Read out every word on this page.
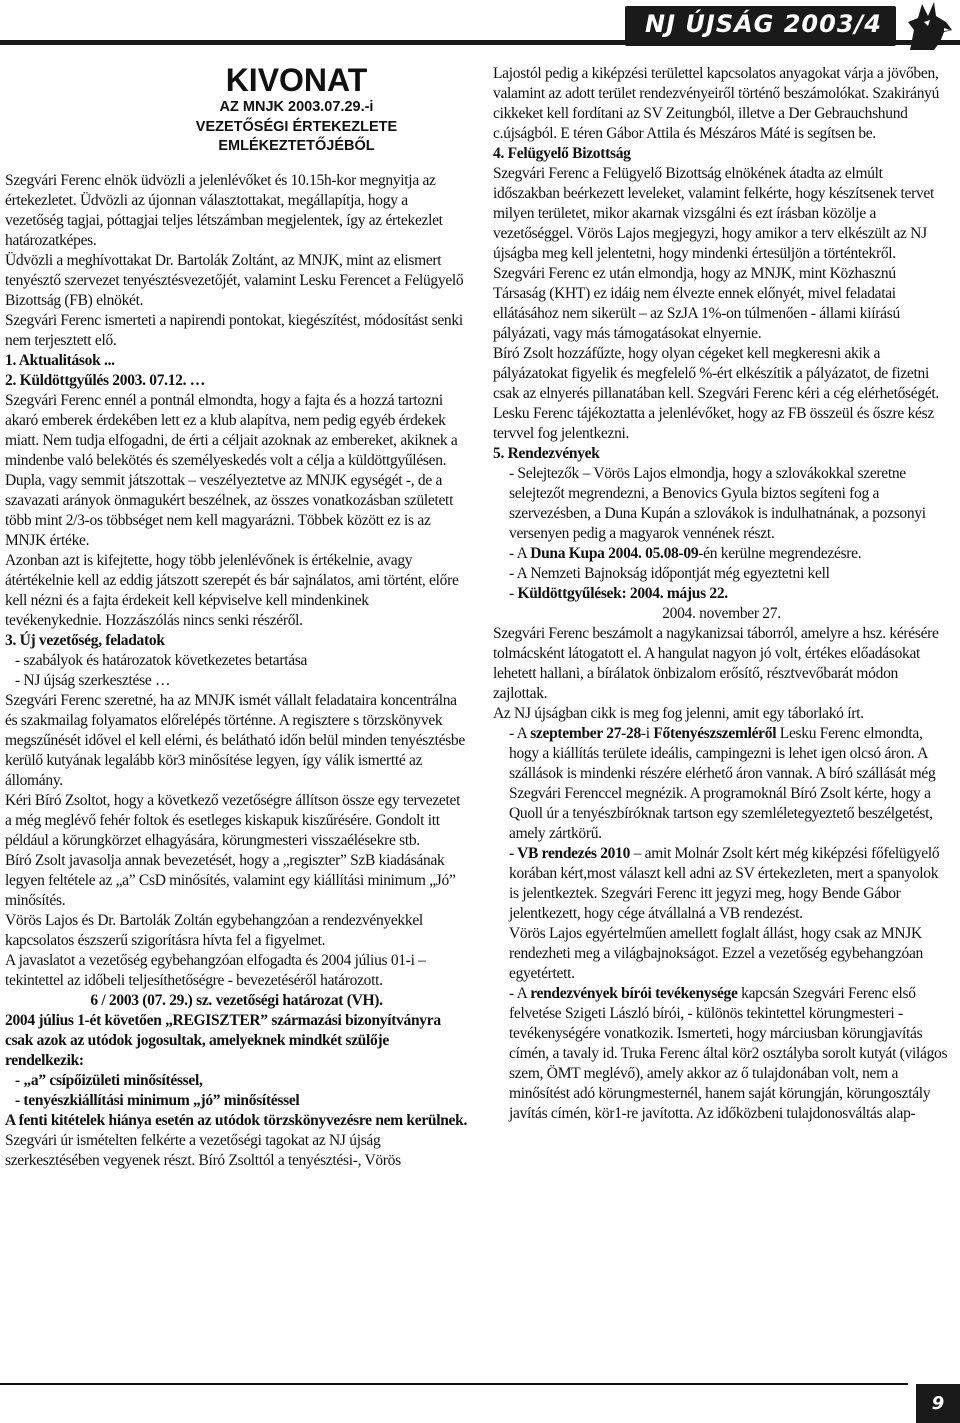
NJ ÚJSÁG 2003/4

KIVONAT

AZ MNJK 2003.07.29.-i

VEZETŐSÉGI ÉRTEKEZLETE

EMLÉKEZTETŐJÉBŐL

Szegvári Ferenc elnök üdvözli a jelenlévőket és 10.15h-kor megnyitja az értekezletet. Üdvözli az újonnan választottakat, megállapítja, hogy a vezetőség tagjai, póttagjai teljes létszámban megjelentek, így az értekezlet határozatképes.

Üdvözli a meghívottakat Dr. Bartolák Zoltánt, az MNJK, mint az elismert tenyésztő szervezet tenyésztésvezetőjét, valamint Lesku Ferencet a Felügyelő Bizottság (FB) elnökét.

Szegvári Ferenc ismerteti a napirendi pontokat, kiegészítést, módosítást senki nem terjesztett elő.

1. Aktualitások ...

2. Küldöttgyűlés 2003. 07.12. …

Szegvári Ferenc ennél a pontnál elmondta, hogy a fajta és a hozzá tartozni akaró emberek érdekében lett ez a klub alapítva, nem pedig egyéb érdekek miatt. Nem tudja elfogadni, de érti a céljait azoknak az embereket, akiknek a mindenbe való belekötés és személyeskedés volt a célja a küldöttgyűlésen. Dupla, vagy semmit játszottak – veszélyeztetve az MNJK egységét -, de a szavazati arányok önmagukért beszélnek, az összes vonatkozásban született több mint 2/3-os többséget nem kell magyarázni. Többek között ez is az MNJK értéke.

Azonban azt is kifejtette, hogy több jelenlévőnek is értékelnie, avagy átértékelnie kell az eddig játszott szerepét és bár sajnálatos, ami történt, előre kell nézni és a fajta érdekeit kell képviselve kell mindenkinek tevékenykednie. Hozzászólás nincs senki részéről.

3. Új vezetőség, feladatok

- szabályok és határozatok következetes betartása

- NJ újság szerkesztése …

Szegvári Ferenc szeretné, ha az MNJK ismét vállalt feladataira koncentrálna és szakmailag folyamatos előrelépés történne. A regisztere s törzskönyvek megszűnését idővel el kell elérni, és belátható időn belül minden tenyésztésbe kerülő kutyának legalább kör3 minősítése legyen, így válik ismertté az állomány.

Kéri Bíró Zsoltot, hogy a következő vezetőségre állítson össze egy tervezetet a még meglévő fehér foltok és esetleges kiskapuk kiszűrésére. Gondolt itt például a körungkörzet elhagyására, körungmesteri visszaélésekre stb.

Bíró Zsolt javasolja annak bevezetését, hogy a „regiszter” SzB kiadásának legyen feltétele az „a” CsD minősítés, valamint egy kiállítási minimum „Jó” minősítés.

Vörös Lajos és Dr. Bartolák Zoltán egybehangzóan a rendezvényekkel kapcsolatos észszerű szigorításra hívta fel a figyelmet.

A javaslatot a vezetőség egybehangzóan elfogadta és 2004 július 01-i – tekintettel az időbeli teljesíthetőségre - bevezetéséről határozott.

6 / 2003 (07. 29.) sz. vezetőségi határozat (VH).

2004 július 1-ét követően „REGISZTER” származási bizonyítványra csak azok az utódok jogosultak, amelyeknek mindkét szülője rendelkezik:

- „a” csípőizületi minősítéssel,

- tenyészkiállítási minimum „jó” minősítéssel

A fenti kitételek hiánya esetén az utódok törzskönyvezésre nem kerülnek.

Szegvári úr ismételten felkérte a vezetőségi tagokat az NJ újság szerkesztésében vegyenek részt. Bíró Zsolttól a tenyésztési-, Vörös

Lajostól pedig a kiképzési területtel kapcsolatos anyagokat várja a jövőben, valamint az adott terület rendezvényeiről történő beszámolókat. Szakirányú cikkeket kell fordítani az SV Zeitungból, illetve a Der Gebrauchshund c.újságból. E téren Gábor Attila és Mészáros Máté is segítsen be.

4. Felügyelő Bizottság

Szegvári Ferenc a Felügyelő Bizottság elnökének átadta az elmúlt időszakban beérkezett leveleket, valamint felkérte, hogy készítsenek tervet milyen területet, mikor akarnak vizsgálni és ezt írásban közölje a vezetőséggel. Vörös Lajos megjegyzi, hogy amikor a terv elkészült az NJ újságba meg kell jelentetni, hogy mindenki értesüljön a történtekről.

Szegvári Ferenc ez után elmondja, hogy az MNJK, mint Közhasznú Társaság (KHT) ez idáig nem élvezte ennek előnyét, mivel feladatai ellátásához nem sikerült – az SzJA 1%-on túlmenően - állami kiírású pályázati, vagy más támogatásokat elnyernie.

Bíró Zsolt hozzáfűzte, hogy olyan cégeket kell megkeresni akik a pályázatokat figyelik és megfelelő %-ért elkészítik a pályázatot, de fizetni csak az elnyerés pillanatában kell. Szegvári Ferenc kéri a cég elérhetőségét.

Lesku Ferenc tájékoztatta a jelenlévőket, hogy az FB összeül és őszre kész tervvel fog jelentkezni.

5. Rendezvények

- Selejtezők – Vörös Lajos elmondja, hogy a szlovákokkal szeretne selejtezőt megrendezni, a Benovics Gyula biztos segíteni fog a szervezésben, a Duna Kupán a szlovákok is indulhatnának, a pozsonyi versenyen pedig a magyarok vennének részt.

- A Duna Kupa 2004. 05.08-09-én kerülne megrendezésre.

- A Nemzeti Bajnokság időpontját még egyeztetni kell

- Küldöttgyűlések: 2004. május 22.

2004. november 27.

Szegvári Ferenc beszámolt a nagykanizsai táborról, amelyre a hsz. kérésére tolmácsként látogatott el. A hangulat nagyon jó volt, értékes előadásokat lehetett hallani, a bírálatok önbizalom erősítő, résztvevőbarát módon zajlottak.

Az NJ újságban cikk is meg fog jelenni, amit egy táborlakó írt.

- A szeptember 27-28-i Főtenyészszemléről Lesku Ferenc elmondta, hogy a kiállítás területe ideális, campingezni is lehet igen olcsó áron. A szállások is mindenki részére elérhető áron vannak. A bíró szállását még Szegvári Ferenccel megnézik. A programoknál Bíró Zsolt kérte, hogy a Quoll úr a tenyészbíróknak tartson egy szemléletegyeztető beszélgetést, amely zártkörű.

- VB rendezés 2010 – amit Molnár Zsolt kért még kiképzési főfelügyelő korában kért,most választ kell adni az SV értekezleten, mert a spanyolok is jelentkeztek. Szegvári Ferenc itt jegyzi meg, hogy Bende Gábor jelentkezett, hogy cége átvállalná a VB rendezést.

Vörös Lajos egyértelműen amellett foglalt állást, hogy csak az MNJK rendezheti meg a világbajnokságot. Ezzel a vezetőség egybehangzóan egyetértett.

- A rendezvények bírói tevékenysége kapcsán Szegvári Ferenc első felvetése Szigeti László bírói, - különös tekintettel körungmesteri - tevékenységére vonatkozik. Ismerteti, hogy márciusban körungjavítás címén, a tavaly id. Truka Ferenc által kör2 osztályba sorolt kutyát (világos szem, ÖMT meglévő), amely akkor az ő tulajdonában volt, nem a minősítést adó körungmesternél, hanem saját körungján, körungosztály javítás címén, kör1-re javította. Az időközbeni tulajdonosváltás alap-

9
